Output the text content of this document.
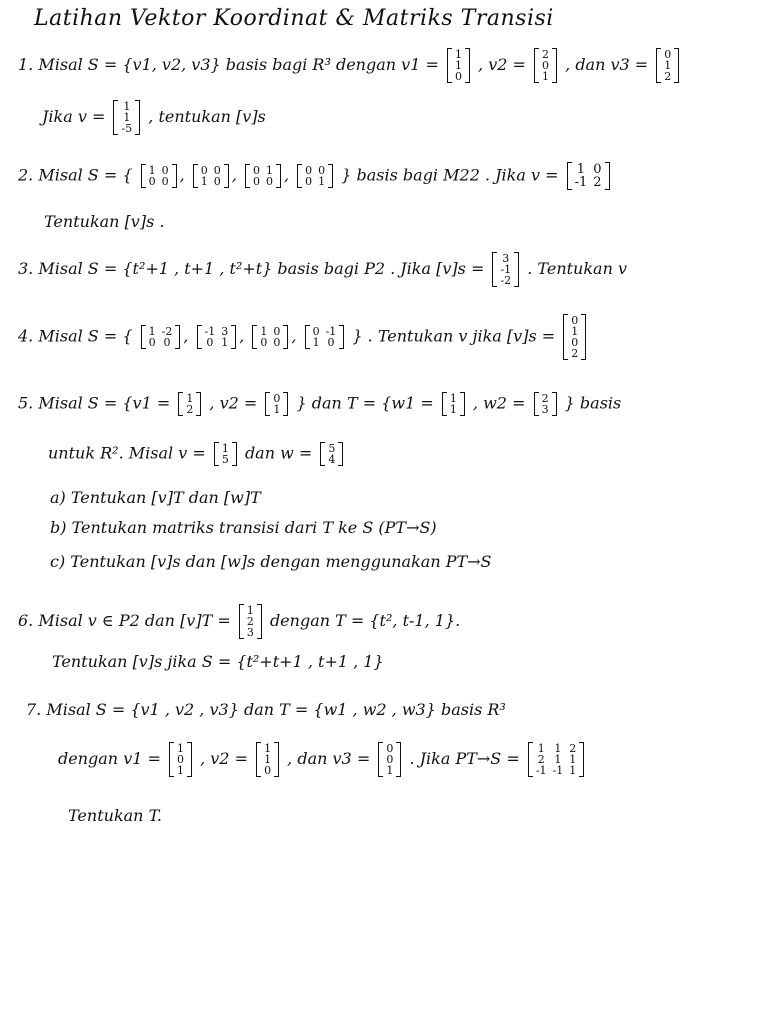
Latihan Vektor Koordinat & Matriks Transisi
1. Misal S = {v1, v2, v3} basis bagi R³ dengan v1 =
1
1
0
, v2 =
2
0
1
, dan v3 =
0
1
2
Jika v =
1
1
-5
, tentukan [v]s
2. Misal S = { 1	0
0	0 , 0	0
1	0 , 0	1
0	0 , 0	0
0	1 } basis bagi M22 . Jika v = 1	0
-1	2
Tentukan [v]s .
3. Misal S = {t²+1 , t+1 , t²+t} basis bagi P2 . Jika [v]s =
3
-1
-2
. Tentukan v
4. Misal S = { 1	-2
0	0 , -1	3
0	1 , 1	0
0	0 , 0	-1
1	0 } . Tentukan v jika [v]s =
0
1
0
2
5. Misal S = {v1 = 1
2 , v2 = 0
1 } dan T = {w1 = 1
1 , w2 = 2
3 } basis
untuk R². Misal v = 1
5 dan w = 5
4
a) Tentukan [v]T dan [w]T
b) Tentukan matriks transisi dari T ke S (PT→S)
c) Tentukan [v]s dan [w]s dengan menggunakan PT→S
6. Misal v ∈ P2 dan [v]T =
1
2
3
dengan T = {t², t-1, 1}.
Tentukan [v]s jika S = {t²+t+1 , t+1 , 1}
7. Misal S = {v1 , v2 , v3} dan T = {w1 , w2 , w3} basis R³
dengan v1 =
1
0
1
, v2 =
1
1
0
, dan v3 =
0
0
1
. Jika PT→S =
1	1	2
2	1	1
-1	-1	1
Tentukan T.
